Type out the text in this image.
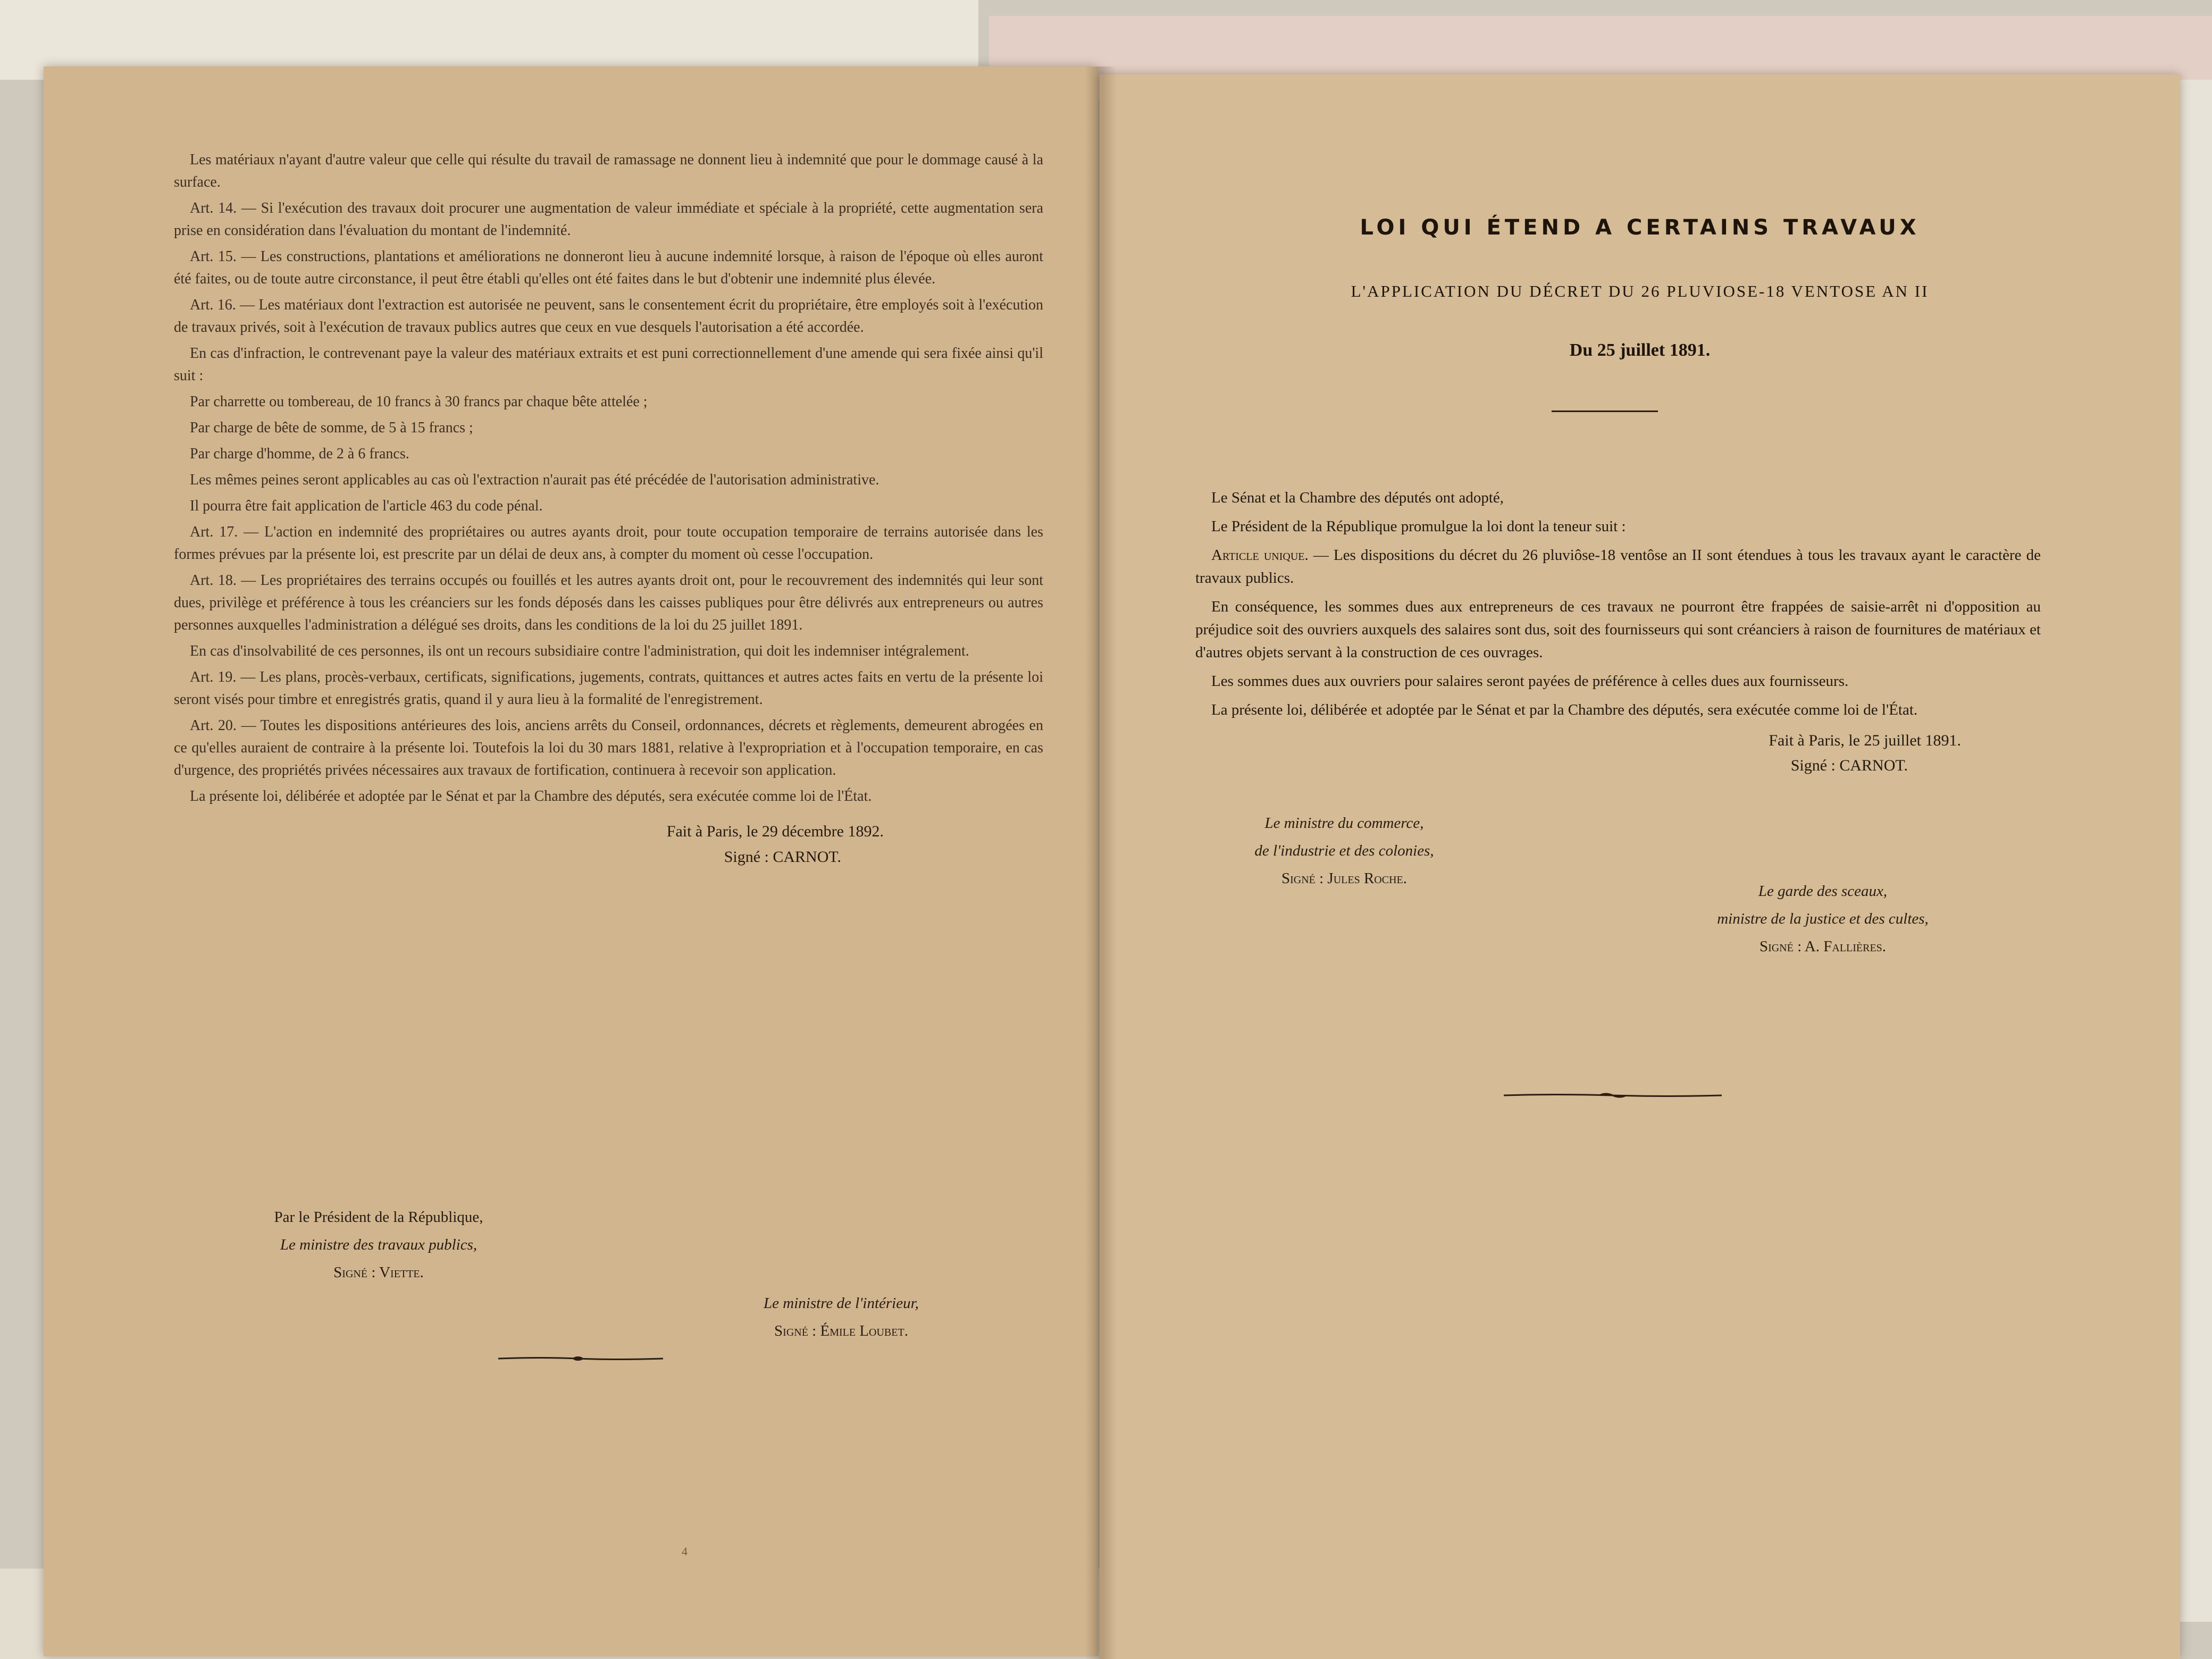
Les matériaux n'ayant d'autre valeur que celle qui résulte du travail de ramassage ne donnent lieu à indemnité que pour le dommage causé à la surface.

Art. 14. — Si l'exécution des travaux doit procurer une augmentation de valeur immédiate et spéciale à la propriété, cette augmentation sera prise en considération dans l'évaluation du montant de l'indemnité.

Art. 15. — Les constructions, plantations et améliorations ne donneront lieu à aucune indemnité lorsque, à raison de l'époque où elles auront été faites, ou de toute autre circonstance, il peut être établi qu'elles ont été faites dans le but d'obtenir une indemnité plus élevée.

Art. 16. — Les matériaux dont l'extraction est autorisée ne peuvent, sans le consentement écrit du propriétaire, être employés soit à l'exécution de travaux privés, soit à l'exécution de travaux publics autres que ceux en vue desquels l'autorisation a été accordée.

En cas d'infraction, le contrevenant paye la valeur des matériaux extraits et est puni correctionnellement d'une amende qui sera fixée ainsi qu'il suit :

Par charrette ou tombereau, de 10 francs à 30 francs par chaque bête attelée ;

Par charge de bête de somme, de 5 à 15 francs ;

Par charge d'homme, de 2 à 6 francs.

Les mêmes peines seront applicables au cas où l'extraction n'aurait pas été précédée de l'autorisation administrative.

Il pourra être fait application de l'article 463 du code pénal.

Art. 17. — L'action en indemnité des propriétaires ou autres ayants droit, pour toute occupation temporaire de terrains autorisée dans les formes prévues par la présente loi, est prescrite par un délai de deux ans, à compter du moment où cesse l'occupation.

Art. 18. — Les propriétaires des terrains occupés ou fouillés et les autres ayants droit ont, pour le recouvrement des indemnités qui leur sont dues, privilège et préférence à tous les créanciers sur les fonds déposés dans les caisses publiques pour être délivrés aux entrepreneurs ou autres personnes auxquelles l'administration a délégué ses droits, dans les conditions de la loi du 25 juillet 1891.

En cas d'insolvabilité de ces personnes, ils ont un recours subsidiaire contre l'administration, qui doit les indemniser intégralement.

Art. 19. — Les plans, procès-verbaux, certificats, significations, jugements, contrats, quittances et autres actes faits en vertu de la présente loi seront visés pour timbre et enregistrés gratis, quand il y aura lieu à la formalité de l'enregistrement.

Art. 20. — Toutes les dispositions antérieures des lois, anciens arrêts du Conseil, ordonnances, décrets et règlements, demeurent abrogées en ce qu'elles auraient de contraire à la présente loi. Toutefois la loi du 30 mars 1881, relative à l'expropriation et à l'occupation temporaire, en cas d'urgence, des propriétés privées nécessaires aux travaux de fortification, continuera à recevoir son application.

La présente loi, délibérée et adoptée par le Sénat et par la Chambre des députés, sera exécutée comme loi de l'État.

Fait à Paris, le 29 décembre 1892.
Signé : CARNOT.
Par le Président de la République,
Le ministre des travaux publics,
Signé : Viette.
Le ministre de l'intérieur,
Signé : Émile Loubet.
4
LOI QUI ÉTEND A CERTAINS TRAVAUX
L'APPLICATION DU DÉCRET DU 26 PLUVIOSE-18 VENTOSE AN II
Du 25 juillet 1891.

Le Sénat et la Chambre des députés ont adopté,

Le Président de la République promulgue la loi dont la teneur suit :

Article unique. — Les dispositions du décret du 26 pluviôse-18 ventôse an II sont étendues à tous les travaux ayant le caractère de travaux publics.

En conséquence, les sommes dues aux entrepreneurs de ces travaux ne pourront être frappées de saisie-arrêt ni d'opposition au préjudice soit des ouvriers auxquels des salaires sont dus, soit des fournisseurs qui sont créanciers à raison de fournitures de matériaux et d'autres objets servant à la construction de ces ouvrages.

Les sommes dues aux ouvriers pour salaires seront payées de préférence à celles dues aux fournisseurs.

La présente loi, délibérée et adoptée par le Sénat et par la Chambre des députés, sera exécutée comme loi de l'État.

Fait à Paris, le 25 juillet 1891.
Signé : CARNOT.
Le ministre du commerce,
de l'industrie et des colonies,
Signé : Jules Roche.
Le garde des sceaux,
ministre de la justice et des cultes,
Signé : A. Fallières.
